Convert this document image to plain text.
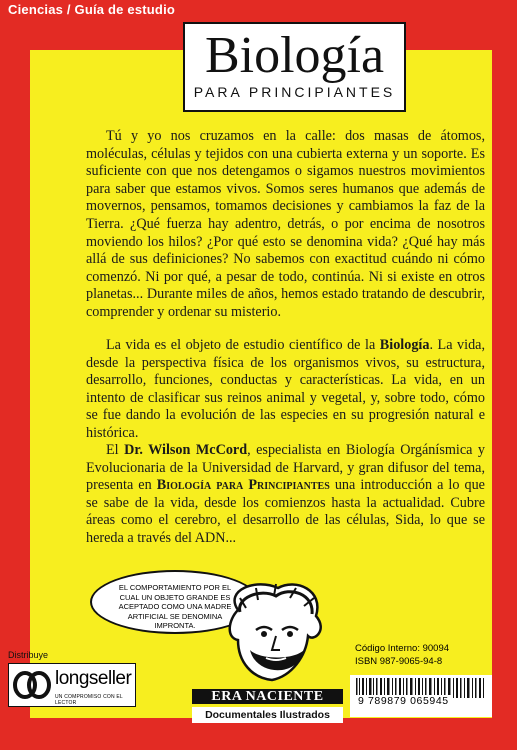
Ciencias / Guía de estudio
Biología
PARA PRINCIPIANTES
Tú y yo nos cruzamos en la calle: dos masas de átomos, moléculas, células y tejidos con una cubierta externa y un soporte. Es suficiente con que nos detengamos o sigamos nuestros movimientos para saber que estamos vivos. Somos seres humanos que además de movernos, pensamos, tomamos decisiones y cambiamos la faz de la Tierra. ¿Qué fuerza hay adentro, detrás, o por encima de nosotros moviendo los hilos? ¿Por qué esto se denomina vida? ¿Qué hay más allá de sus definiciones? No sabemos con exactitud cuándo ni cómo comenzó. Ni por qué, a pesar de todo, continúa. Ni si existe en otros planetas... Durante miles de años, hemos estado tratando de descubrir, comprender y ordenar su misterio.
La vida es el objeto de estudio científico de la Biología. La vida, desde la perspectiva física de los organismos vivos, su estructura, desarrollo, funciones, conductas y características. La vida, en un intento de clasificar sus reinos animal y vegetal, y, sobre todo, cómo se fue dando la evolución de las especies en su progresión natural e histórica.
El Dr. Wilson McCord, especialista en Biología Orgánísmica y Evolucionaria de la Universidad de Harvard, y gran difusor del tema, presenta en Biología para Principiantes una introducción a lo que se sabe de la vida, desde los comienzos hasta la actualidad. Cubre áreas como el cerebro, el desarrollo de las células, Sida, lo que se hereda a través del ADN...
EL COMPORTAMIENTO POR EL CUAL UN OBJETO GRANDE ES ACEPTADO COMO UNA MADRE ARTIFICIAL SE DENOMINA IMPRONTA.
Código Interno: 90094
ISBN 987-9065-94-8
9 789879 065945
Distribuye
longseller
UN COMPROMISO CON EL LECTOR	ERA NACIENTE
Documentales Ilustrados
